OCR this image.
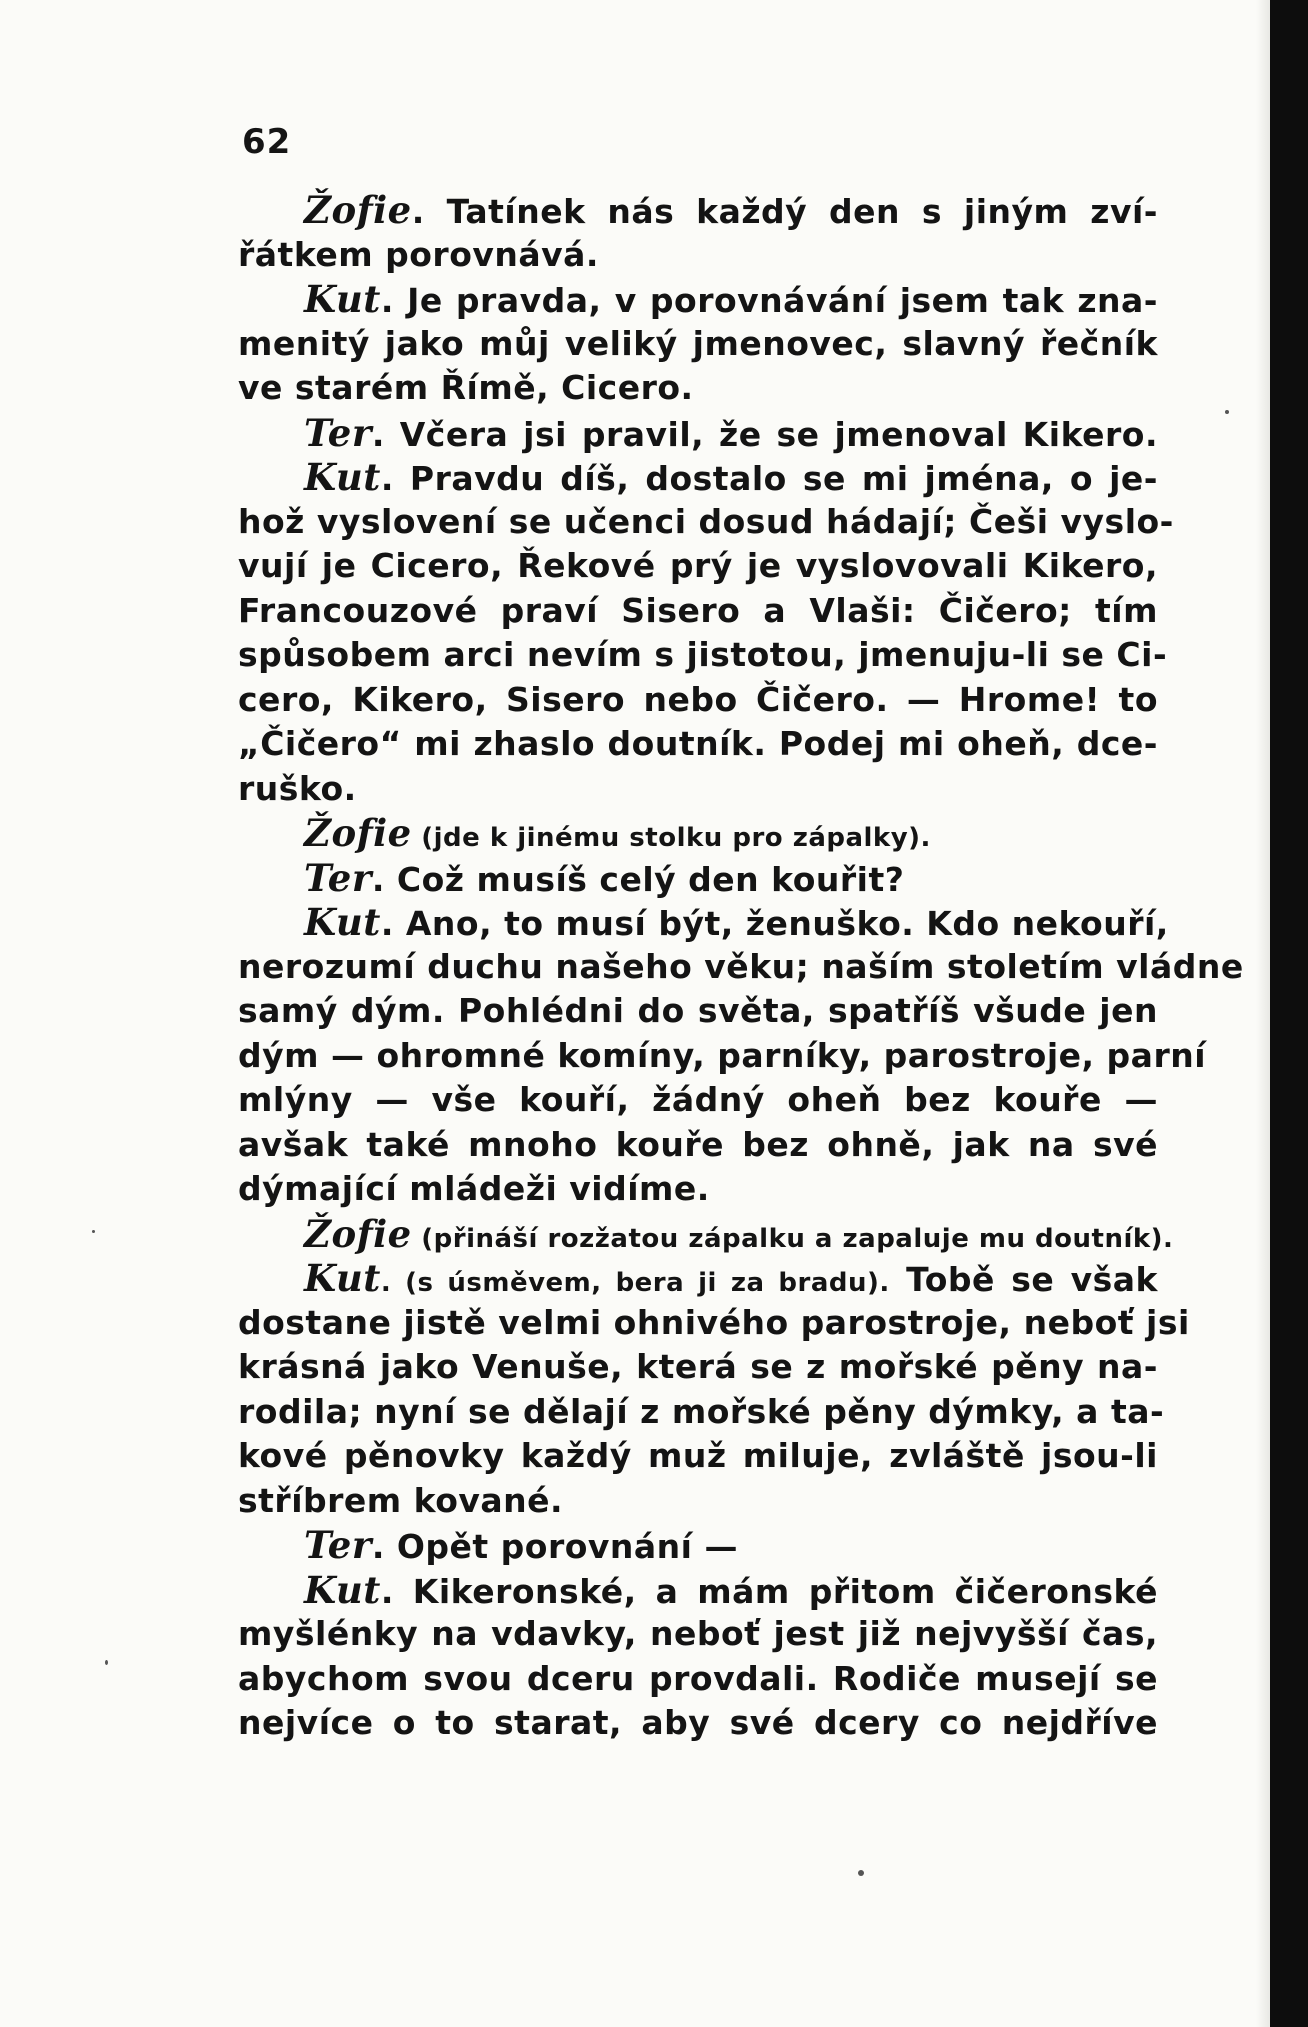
62
Žofie. Tatínek nás každý den s jiným zví-
řátkem porovnává.
Kut. Je pravda, v porovnávání jsem tak zna-
menitý jako můj veliký jmenovec, slavný řečník
ve starém Římě, Cicero.
Ter. Včera jsi pravil, že se jmenoval Kikero.
Kut. Pravdu díš, dostalo se mi jména, o je-
hož vyslovení se učenci dosud hádají; Češi vyslo-
vují je Cicero, Řekové prý je vyslovovali Kikero,
Francouzové praví Sisero a Vlaši: Čičero; tím
spůsobem arci nevím s jistotou, jmenuju-li se Ci-
cero, Kikero, Sisero nebo Čičero. — Hrome! to
„Čičero“ mi zhaslo doutník. Podej mi oheň, dce-
ruško.
Žofie (jde k jinému stolku pro zápalky).
Ter. Což musíš celý den kouřit?
Kut. Ano, to musí být, ženuško. Kdo nekouří,
nerozumí duchu našeho věku; naším stoletím vládne
samý dým. Pohlédni do světa, spatříš všude jen
dým — ohromné komíny, parníky, parostroje, parní
mlýny — vše kouří, žádný oheň bez kouře —
avšak také mnoho kouře bez ohně, jak na své
dýmající mládeži vidíme.
Žofie (přináší rozžatou zápalku a zapaluje mu doutník).
Kut. (s úsměvem, bera ji za bradu). Tobě se však
dostane jistě velmi ohnivého parostroje, neboť jsi
krásná jako Venuše, která se z mořské pěny na-
rodila; nyní se dělají z mořské pěny dýmky, a ta-
kové pěnovky každý muž miluje, zvláště jsou-li
stříbrem kované.
Ter. Opět porovnání —
Kut. Kikeronské, a mám přitom čičeronské
myšlénky na vdavky, neboť jest již nejvyšší čas,
abychom svou dceru provdali. Rodiče musejí se
nejvíce o to starat, aby své dcery co nejdříve
